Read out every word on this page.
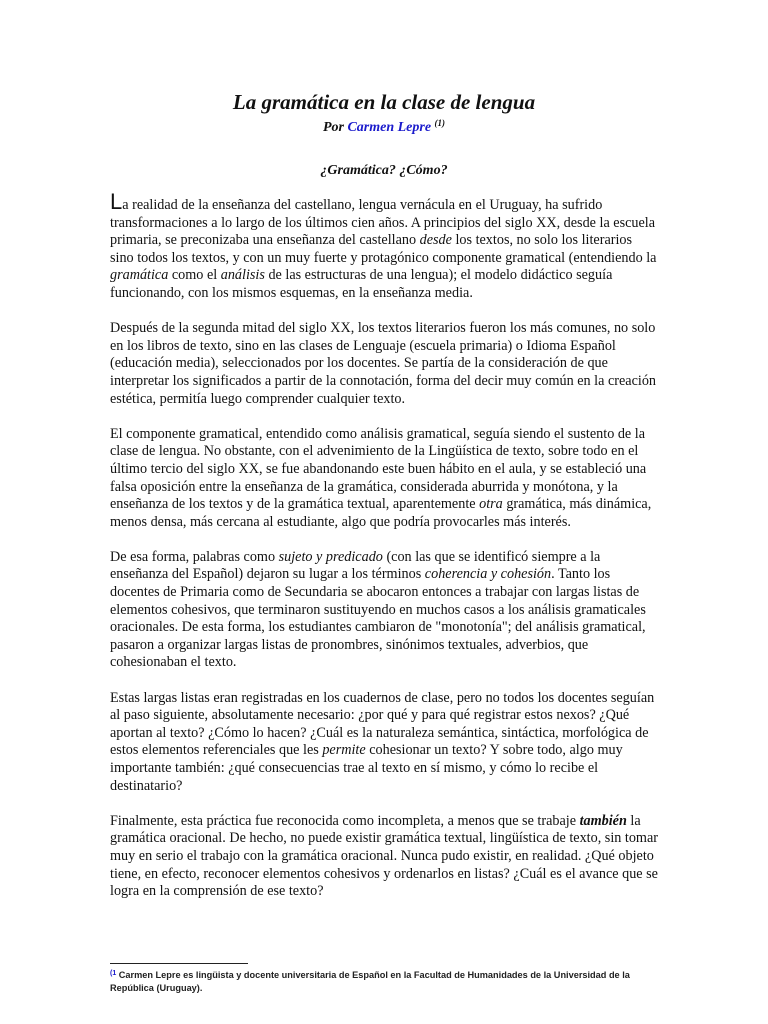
La gramática en la clase de lengua
Por Carmen Lepre $^{(1)}$
¿Gramática? ¿Cómo?

La realidad de la enseñanza del castellano, lengua vernácula en el Uruguay, ha sufrido transformaciones a lo largo de los últimos cien años. A principios del siglo XX, desde la escuela primaria, se preconizaba una enseñanza del castellano desde los textos, no solo los literarios sino todos los textos, y con un muy fuerte y protagónico componente gramatical (entendiendo la gramática como el análisis de las estructuras de una lengua); el modelo didáctico seguía funcionando, con los mismos esquemas, en la enseñanza media.

Después de la segunda mitad del siglo XX, los textos literarios fueron los más comunes, no solo en los libros de texto, sino en las clases de Lenguaje (escuela primaria) o Idioma Español (educación media), seleccionados por los docentes. Se partía de la consideración de que interpretar los significados a partir de la connotación, forma del decir muy común en la creación estética, permitía luego comprender cualquier texto.

El componente gramatical, entendido como análisis gramatical, seguía siendo el sustento de la clase de lengua. No obstante, con el advenimiento de la Lingüística de texto, sobre todo en el último tercio del siglo XX, se fue abandonando este buen hábito en el aula, y se estableció una falsa oposición entre la enseñanza de la gramática, considerada aburrida y monótona, y la enseñanza de los textos y de la gramática textual, aparentemente otra gramática, más dinámica, menos densa, más cercana al estudiante, algo que podría provocarles más interés.

De esa forma, palabras como sujeto y predicado (con las que se identificó siempre a la enseñanza del Español) dejaron su lugar a los términos coherencia y cohesión. Tanto los docentes de Primaria como de Secundaria se abocaron entonces a trabajar con largas listas de elementos cohesivos, que terminaron sustituyendo en muchos casos a los análisis gramaticales oracionales. De esta forma, los estudiantes cambiaron de "monotonía"; del análisis gramatical, pasaron a organizar largas listas de pronombres, sinónimos textuales, adverbios, que cohesionaban el texto.

Estas largas listas eran registradas en los cuadernos de clase, pero no todos los docentes seguían al paso siguiente, absolutamente necesario: ¿por qué y para qué registrar estos nexos? ¿Qué aportan al texto? ¿Cómo lo hacen? ¿Cuál es la naturaleza semántica, sintáctica, morfológica de estos elementos referenciales que les permite cohesionar un texto? Y sobre todo, algo muy importante también: ¿qué consecuencias trae al texto en sí mismo, y cómo lo recibe el destinatario?

Finalmente, esta práctica fue reconocida como incompleta, a menos que se trabaje también la gramática oracional. De hecho, no puede existir gramática textual, lingüística de texto, sin tomar muy en serio el trabajo con la gramática oracional. Nunca pudo existir, en realidad. ¿Qué objeto tiene, en efecto, reconocer elementos cohesivos y ordenarlos en listas? ¿Cuál es el avance que se logra en la comprensión de ese texto?

$^{(1}$ Carmen Lepre es lingüista y docente universitaria de Español en la Facultad de Humanidades de la Universidad de la República (Uruguay).
